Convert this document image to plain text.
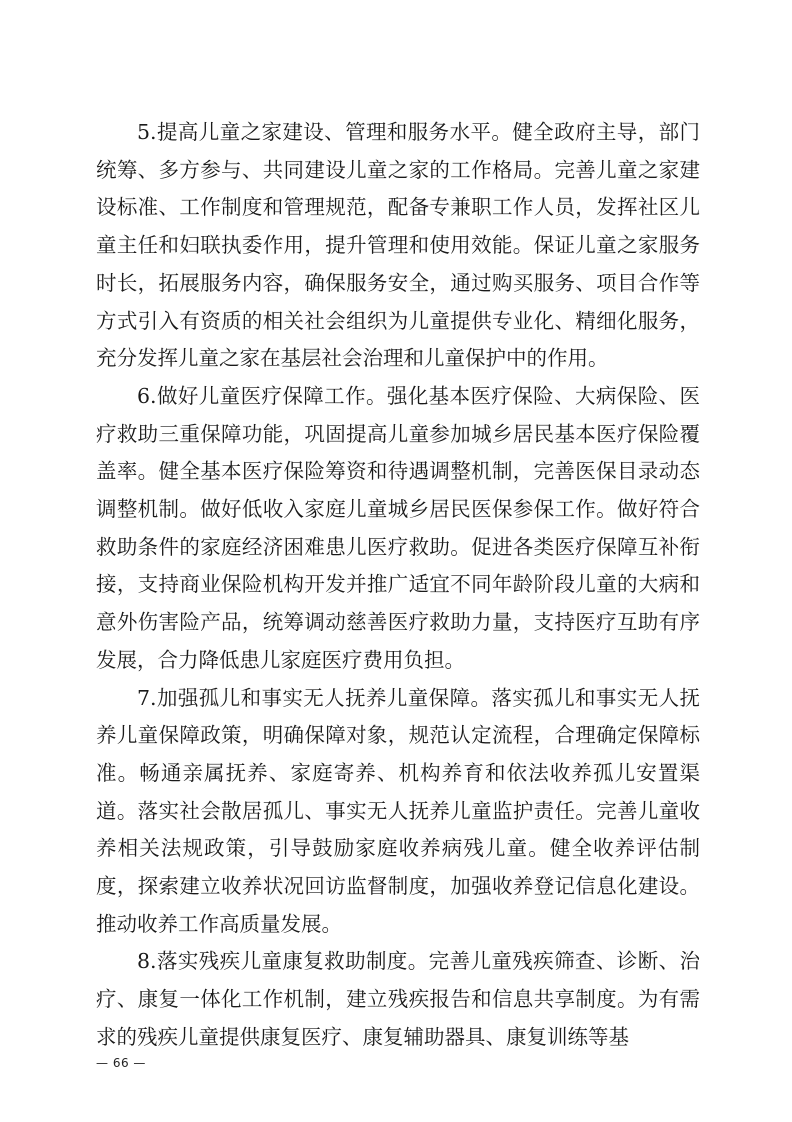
5.提高儿童之家建设、管理和服务水平。健全政府主导，部门统筹、多方参与、共同建设儿童之家的工作格局。完善儿童之家建设标准、工作制度和管理规范，配备专兼职工作人员，发挥社区儿童主任和妇联执委作用，提升管理和使用效能。保证儿童之家服务时长，拓展服务内容，确保服务安全，通过购买服务、项目合作等方式引入有资质的相关社会组织为儿童提供专业化、精细化服务，充分发挥儿童之家在基层社会治理和儿童保护中的作用。

6.做好儿童医疗保障工作。强化基本医疗保险、大病保险、医疗救助三重保障功能，巩固提高儿童参加城乡居民基本医疗保险覆盖率。健全基本医疗保险筹资和待遇调整机制，完善医保目录动态调整机制。做好低收入家庭儿童城乡居民医保参保工作。做好符合救助条件的家庭经济困难患儿医疗救助。促进各类医疗保障互补衔接，支持商业保险机构开发并推广适宜不同年龄阶段儿童的大病和意外伤害险产品，统筹调动慈善医疗救助力量，支持医疗互助有序发展，合力降低患儿家庭医疗费用负担。

7.加强孤儿和事实无人抚养儿童保障。落实孤儿和事实无人抚养儿童保障政策，明确保障对象，规范认定流程，合理确定保障标准。畅通亲属抚养、家庭寄养、机构养育和依法收养孤儿安置渠道。落实社会散居孤儿、事实无人抚养儿童监护责任。完善儿童收养相关法规政策，引导鼓励家庭收养病残儿童。健全收养评估制度，探索建立收养状况回访监督制度，加强收养登记信息化建设。推动收养工作高质量发展。

8.落实残疾儿童康复救助制度。完善儿童残疾筛查、诊断、治疗、康复一体化工作机制，建立残疾报告和信息共享制度。为有需求的残疾儿童提供康复医疗、康复辅助器具、康复训练等基

— 66 —
